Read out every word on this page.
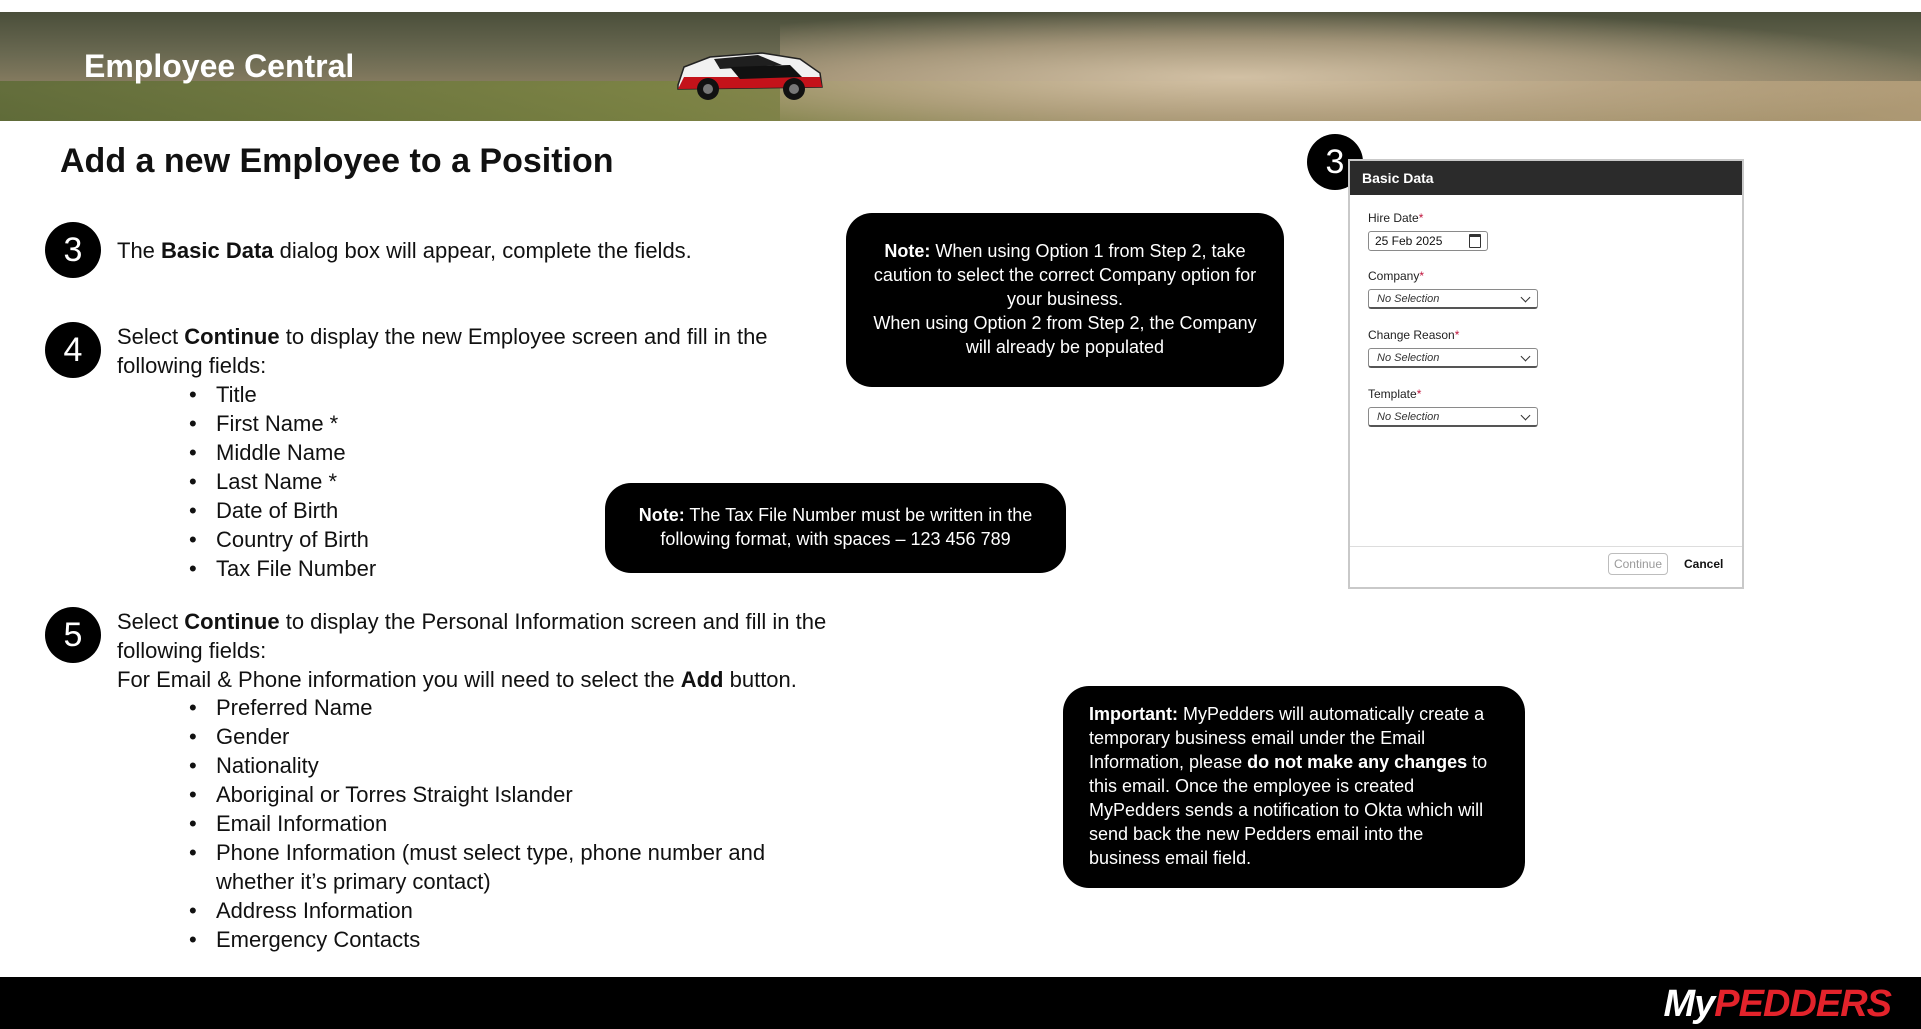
Employee Central
Add a new Employee to a Position
3	The Basic Data dialog box will appear, complete the fields.
4	Select Continue to display the new Employee screen and fill in the following fields:
• Title
• First Name *
• Middle Name
• Last Name *
• Date of Birth
• Country of Birth
• Tax File Number
5	Select Continue to display the Personal Information screen and fill in the following fields:
For Email & Phone information you will need to select the Add button.
• Preferred Name
• Gender
• Nationality
• Aboriginal or Torres Straight Islander
• Email Information
• Phone Information (must select type, phone number and whether it’s primary contact)
• Address Information
• Emergency Contacts
Note: When using Option 1 from Step 2, take caution to select the correct Company option for your business.
When using Option 2 from Step 2, the Company will already be populated
Note: The Tax File Number must be written in the following format, with spaces – 123 456 789
Important: MyPedders will automatically create a temporary business email under the Email Information, please do not make any changes to this email. Once the employee is created MyPedders sends a notification to Okta which will send back the new Pedders email into the business email field.
3	Basic Data
Hire Date*
25 Feb 2025
Company*
No Selection
Change Reason*
No Selection
Template*
No Selection
Continue	Cancel
MyPEDDERS
